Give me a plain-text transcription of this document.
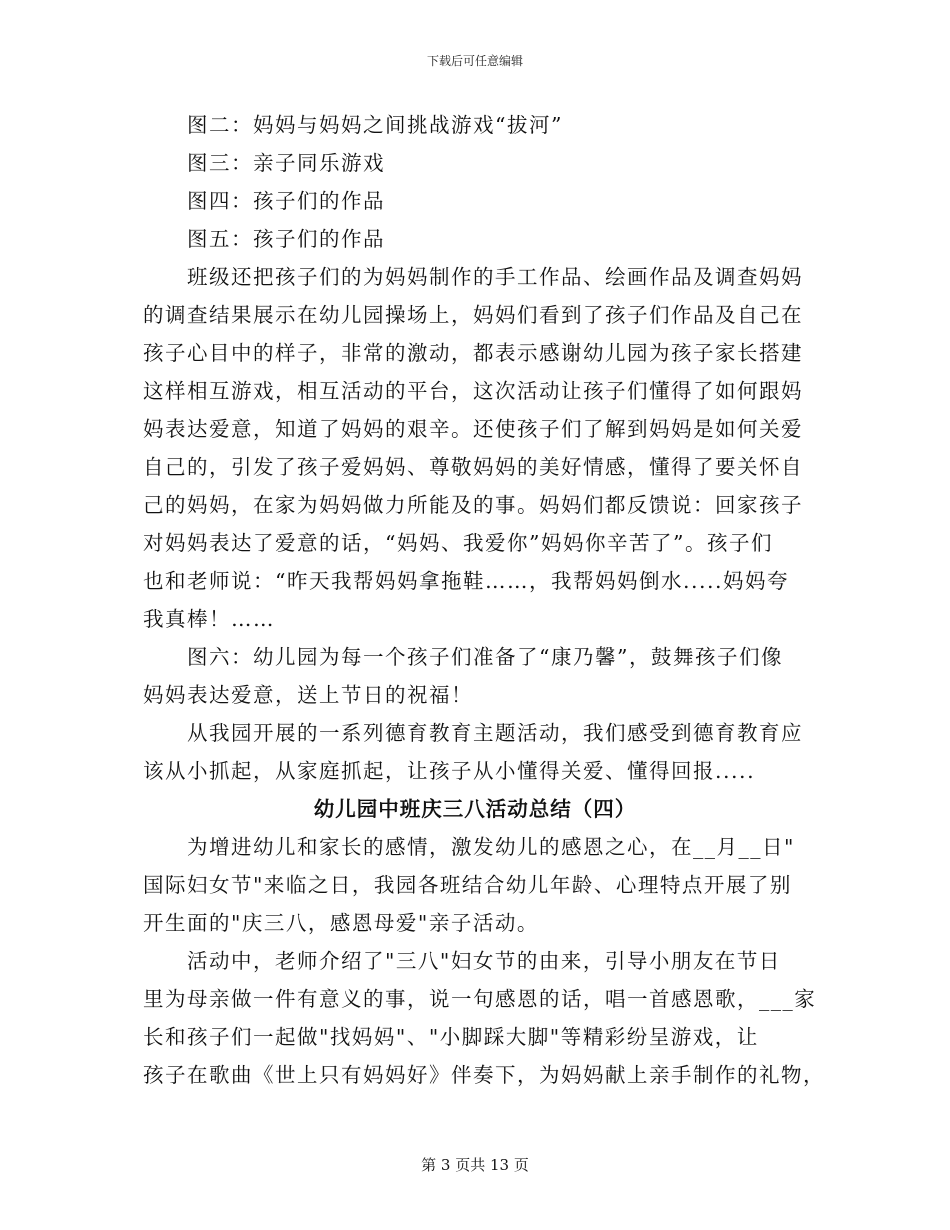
下载后可任意编辑
图二：妈妈与妈妈之间挑战游戏“拔河”
图三：亲子同乐游戏
图四：孩子们的作品
图五：孩子们的作品
班级还把孩子们的为妈妈制作的手工作品、绘画作品及调查妈妈
的调查结果展示在幼儿园操场上，妈妈们看到了孩子们作品及自己在
孩子心目中的样子，非常的激动，都表示感谢幼儿园为孩子家长搭建
这样相互游戏，相互活动的平台，这次活动让孩子们懂得了如何跟妈
妈表达爱意，知道了妈妈的艰辛。还使孩子们了解到妈妈是如何关爱
自己的，引发了孩子爱妈妈、尊敬妈妈的美好情感，懂得了要关怀自
己的妈妈，在家为妈妈做力所能及的事。妈妈们都反馈说：回家孩子
对妈妈表达了爱意的话，“妈妈、我爱你”妈妈你辛苦了”。孩子们
也和老师说：“昨天我帮妈妈拿拖鞋……，我帮妈妈倒水.....妈妈夸
我真棒！……
图六：幼儿园为每一个孩子们准备了“康乃馨”，鼓舞孩子们像
妈妈表达爱意，送上节日的祝福！
从我园开展的一系列德育教育主题活动，我们感受到德育教育应
该从小抓起，从家庭抓起，让孩子从小懂得关爱、懂得回报.....
幼儿园中班庆三八活动总结（四）
为增进幼儿和家长的感情，激发幼儿的感恩之心，在__月__日"
国际妇女节"来临之日，我园各班结合幼儿年龄、心理特点开展了别
开生面的"庆三八，感恩母爱"亲子活动。
活动中，老师介绍了"三八"妇女节的由来，引导小朋友在节日
里为母亲做一件有意义的事，说一句感恩的话，唱一首感恩歌，___家
长和孩子们一起做"找妈妈"、"小脚踩大脚"等精彩纷呈游戏，让
孩子在歌曲《世上只有妈妈好》伴奏下，为妈妈献上亲手制作的礼物，
第 3 页共 13 页
